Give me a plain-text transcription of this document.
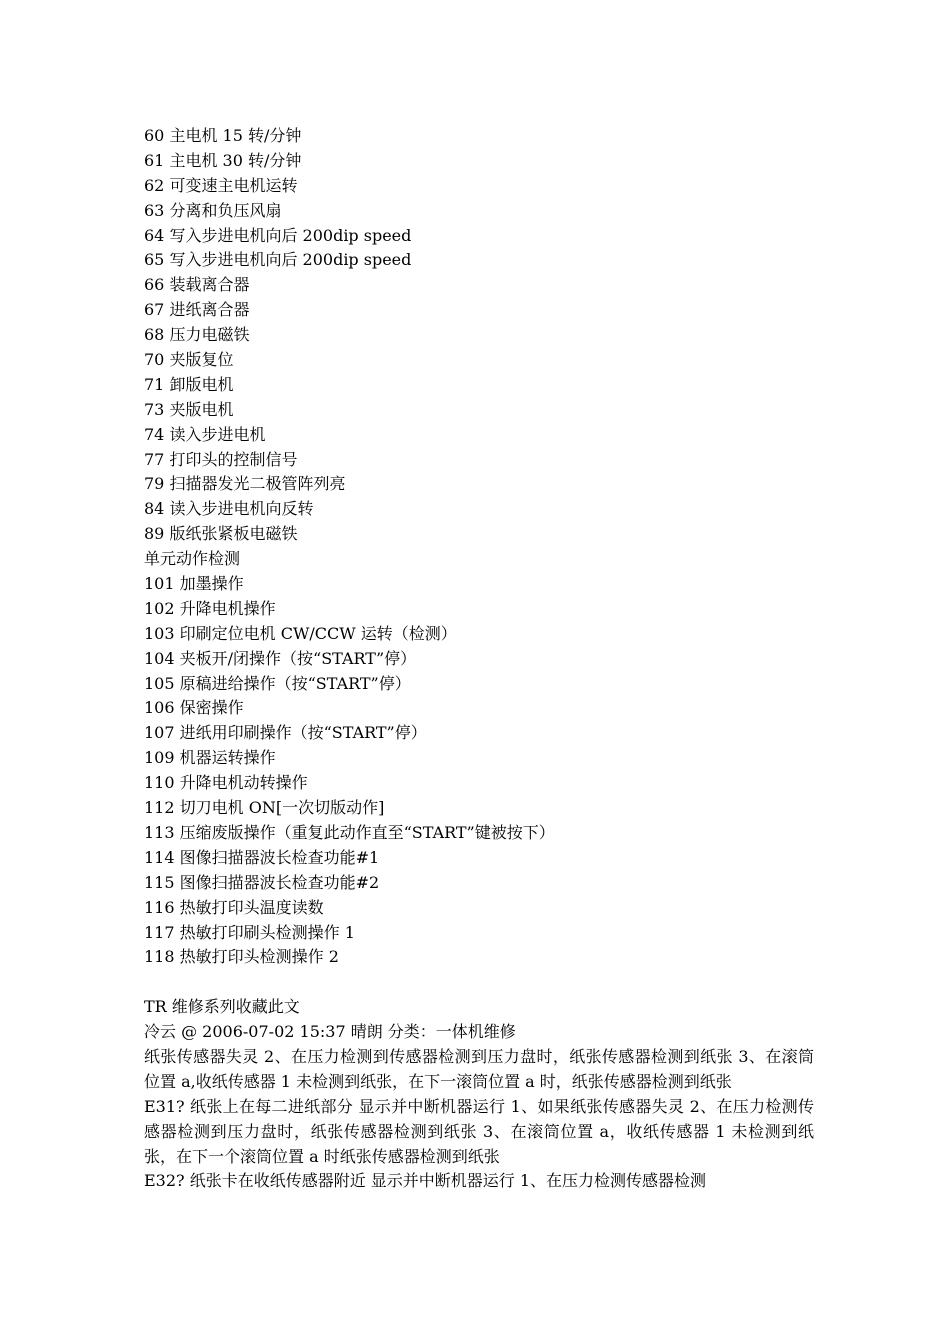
60 主电机 15 转/分钟
61 主电机 30 转/分钟
62 可变速主电机运转
63 分离和负压风扇
64 写入步进电机向后 200dip speed
65 写入步进电机向后 200dip speed
66 装载离合器
67 进纸离合器
68 压力电磁铁
70 夹版复位
71 卸版电机
73 夹版电机
74 读入步进电机
77 打印头的控制信号
79 扫描器发光二极管阵列亮
84 读入步进电机向反转
89 版纸张紧板电磁铁
单元动作检测
101 加墨操作
102 升降电机操作
103 印刷定位电机 CW/CCW 运转（检测）
104 夹板开/闭操作（按“START”停）
105 原稿进给操作（按“START”停）
106 保密操作
107 进纸用印刷操作（按“START”停）
109 机器运转操作
110 升降电机动转操作
112 切刀电机 ON[一次切版动作]
113 压缩废版操作（重复此动作直至“START”键被按下）
114 图像扫描器波长检查功能#1
115 图像扫描器波长检查功能#2
116 热敏打印头温度读数
117 热敏打印刷头检测操作 1
118 热敏打印头检测操作 2
TR 维修系列收藏此文
冷云 @ 2006-07-02 15:37 晴朗 分类：一体机维修
纸张传感器失灵 2、在压力检测到传感器检测到压力盘时，纸张传感器检测到纸张 3、在滚筒位置 a,收纸传感器 1 未检测到纸张，在下一滚筒位置 a 时，纸张传感器检测到纸张
E31? 纸张上在每二进纸部分 显示并中断机器运行 1、如果纸张传感器失灵 2、在压力检测传感器检测到压力盘时，纸张传感器检测到纸张 3、在滚筒位置 a，收纸传感器 1 未检测到纸张，在下一个滚筒位置 a 时纸张传感器检测到纸张
E32? 纸张卡在收纸传感器附近 显示并中断机器运行 1、在压力检测传感器检测
